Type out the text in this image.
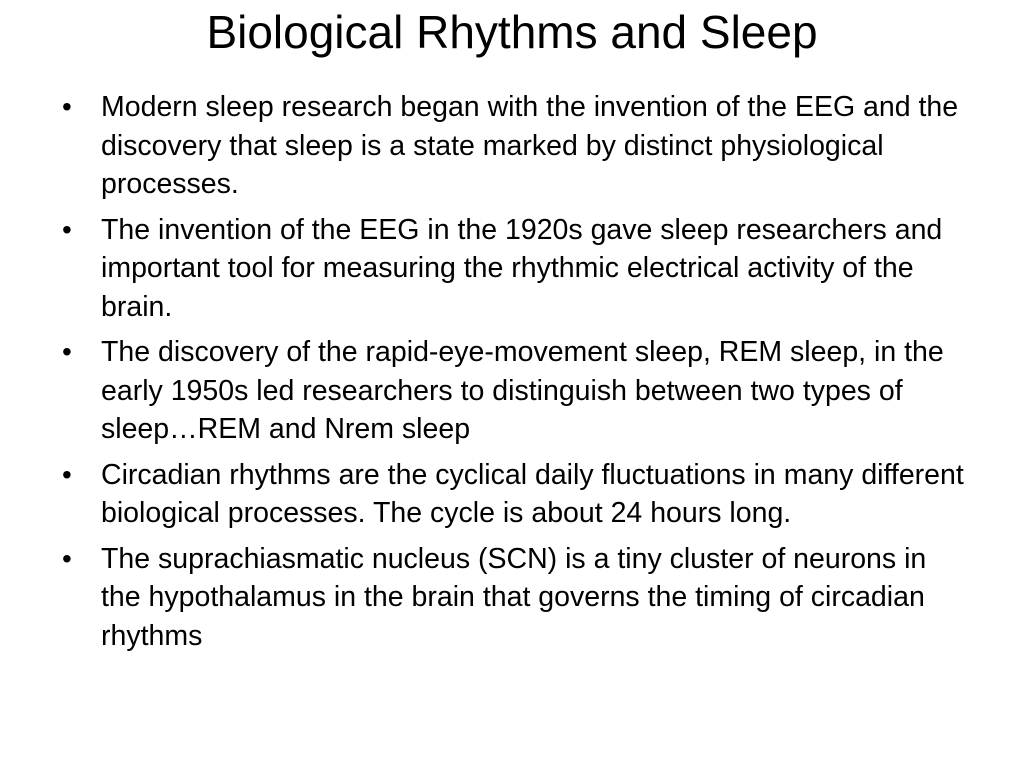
Biological Rhythms and Sleep
•	Modern sleep research began with the invention of the EEG and the discovery that sleep is a state marked by distinct physiological processes.
•	The invention of the EEG in the 1920s gave sleep researchers and important tool for measuring the rhythmic electrical activity of the brain.
•	The discovery of the rapid-eye-movement sleep, REM sleep, in the early 1950s led researchers to distinguish between two types of sleep…REM and Nrem sleep
•	Circadian rhythms are the cyclical daily fluctuations in many different biological processes. The cycle is about 24 hours long.
•	The suprachiasmatic nucleus (SCN) is a tiny cluster of neurons in the hypothalamus in the brain that governs the timing of circadian rhythms
